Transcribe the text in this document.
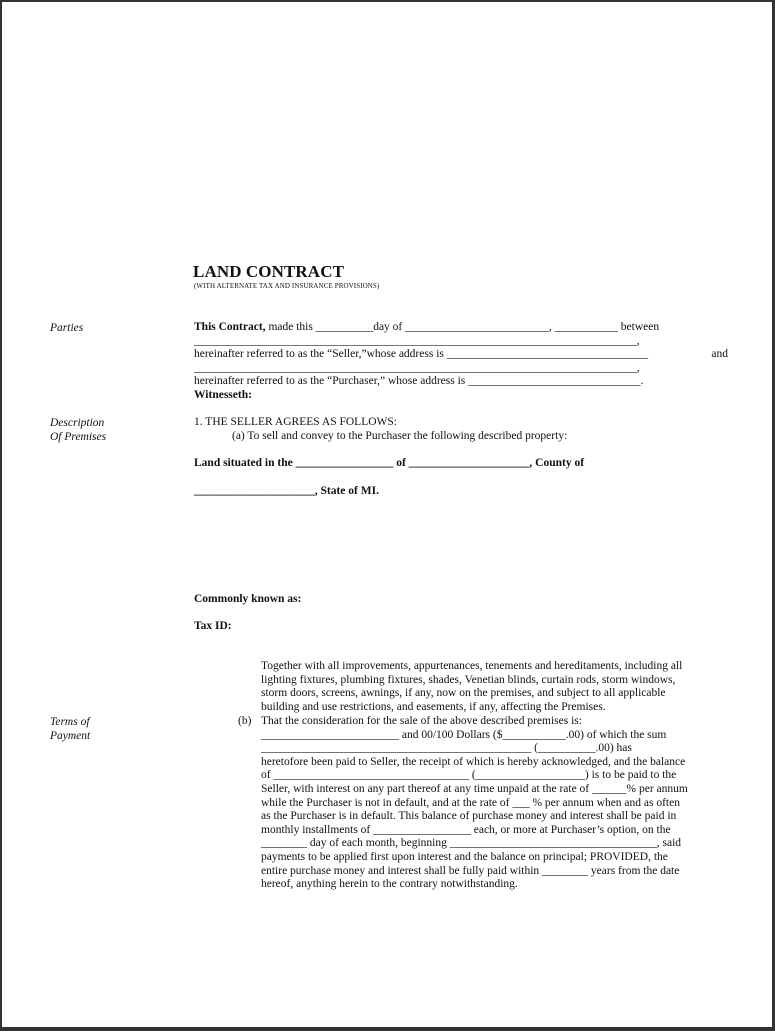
LAND CONTRACT
(WITH ALTERNATE TAX AND INSURANCE PROVISIONS)
Parties
Description
Of Premises
Terms of
Payment
This Contract, made this __________day of _________________________, ___________ between
_____________________________________________________________________________,
hereinafter referred to as the “Seller,”whose address is ___________________________________	and
_____________________________________________________________________________,
hereinafter referred to as the “Purchaser,” whose address is ______________________________.
Witnesseth:
1. THE SELLER AGREES AS FOLLOWS:
(a) To sell and convey to the Purchaser the following described property:
Land situated in the _________________ of _____________________, County of
_____________________, State of MI.
Commonly known as:
Tax ID:
Together with all improvements, appurtenances, tenements and hereditaments, including all
lighting fixtures, plumbing fixtures, shades, Venetian blinds, curtain rods, storm windows,
storm doors, screens, awnings, if any, now on the premises, and subject to all applicable
building and use restrictions, and easements, if any, affecting the Premises.
(b) That the consideration for the sale of the above described premises is:
________________________ and 00/100 Dollars ($___________.00) of which the sum
_______________________________________________ (__________.00) has
heretofore been paid to Seller, the receipt of which is hereby acknowledged, and the balance
of __________________________________ (___________________) is to be paid to the
Seller, with interest on any part thereof at any time unpaid at the rate of ______% per annum
while the Purchaser is not in default, and at the rate of ___ % per annum when and as often
as the Purchaser is in default. This balance of purchase money and interest shall be paid in
monthly installments of _________________ each, or more at Purchaser’s option, on the
________ day of each month, beginning ____________________________________, said
payments to be applied first upon interest and the balance on principal; PROVIDED, the
entire purchase money and interest shall be fully paid within ________ years from the date
hereof, anything herein to the contrary notwithstanding.
